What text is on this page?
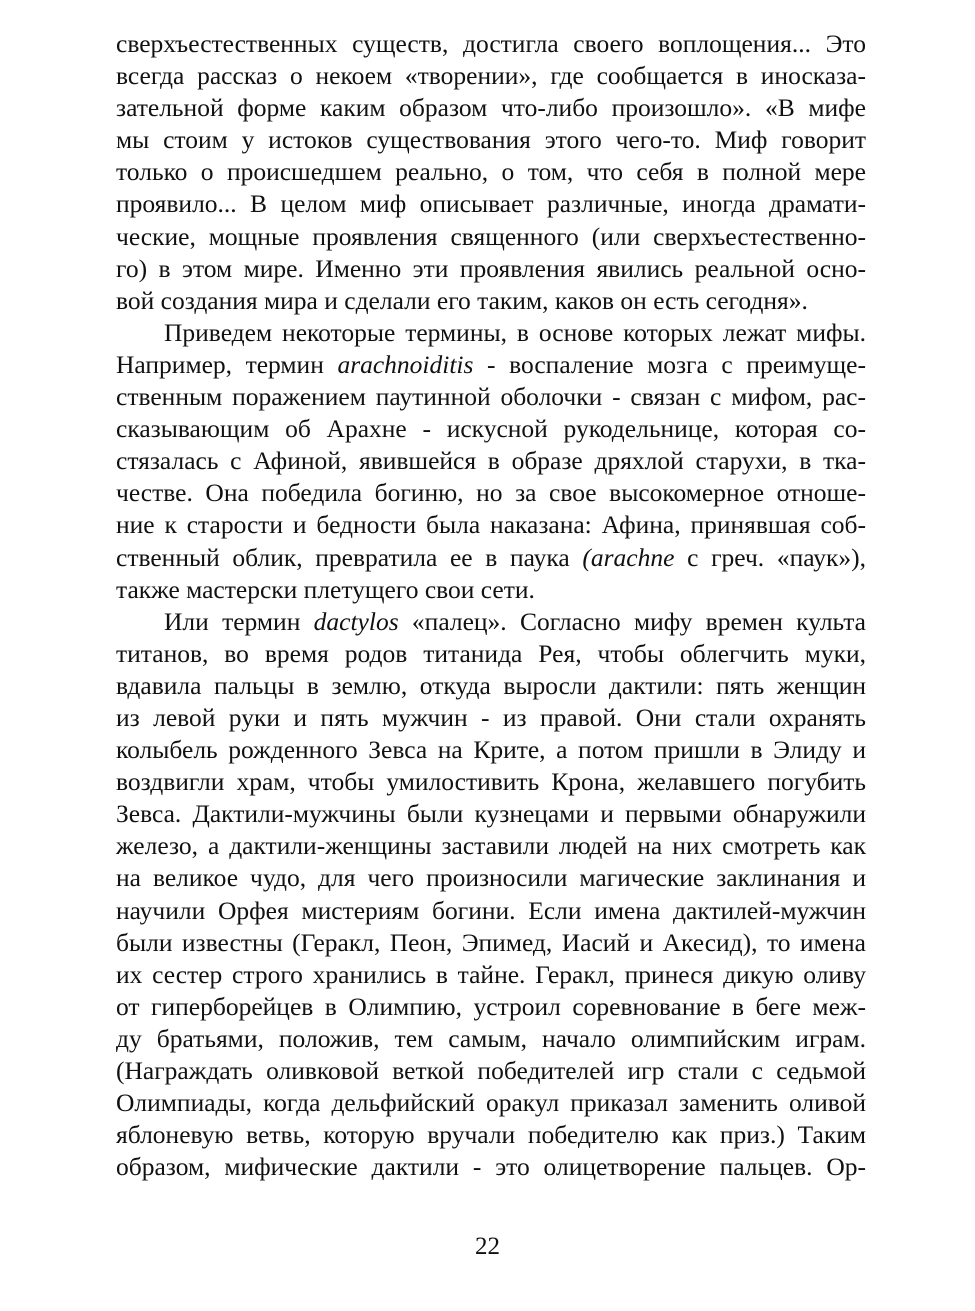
сверхъестественных существ, достигла своего воплощения... Это
всегда рассказ о некоем «творении», где сообщается в иносказа-
зательной форме каким образом что-либо произошло». «В мифе
мы стоим у истоков существования этого чего-то. Миф говорит
только о происшедшем реально, о том, что себя в полной мере
проявило... В целом миф описывает различные, иногда драмати-
ческие, мощные проявления священного (или сверхъестественно-
го) в этом мире. Именно эти проявления явились реальной осно-
вой создания мира и сделали его таким, каков он есть сегодня».
Приведем некоторые термины, в основе которых лежат мифы.
Например, термин arachnoiditis - воспаление мозга с преимуще-
ственным поражением паутинной оболочки - связан с мифом, рас-
сказывающим об Арахне - искусной рукодельнице, которая со-
стязалась с Афиной, явившейся в образе дряхлой старухи, в тка-
честве. Она победила богиню, но за свое высокомерное отноше-
ние к старости и бедности была наказана: Афина, принявшая соб-
ственный облик, превратила ее в паука (arachne с греч. «паук»),
также мастерски плетущего свои сети.
Или термин dactylos «палец». Согласно мифу времен культа
титанов, во время родов титанида Рея, чтобы облегчить муки,
вдавила пальцы в землю, откуда выросли дактили: пять женщин
из левой руки и пять мужчин - из правой. Они стали охранять
колыбель рожденного Зевса на Крите, а потом пришли в Элиду и
воздвигли храм, чтобы умилостивить Крона, желавшего погубить
Зевса. Дактили-мужчины были кузнецами и первыми обнаружили
железо, а дактили-женщины заставили людей на них смотреть как
на великое чудо, для чего произносили магические заклинания и
научили Орфея мистериям богини. Если имена дактилей-мужчин
были известны (Геракл, Пеон, Эпимед, Иасий и Акесид), то имена
их сестер строго хранились в тайне. Геракл, принеся дикую оливу
от гиперборейцев в Олимпию, устроил соревнование в беге меж-
ду братьями, положив, тем самым, начало олимпийским играм.
(Награждать оливковой веткой победителей игр стали с седьмой
Олимпиады, когда дельфийский оракул приказал заменить оливой
яблоневую ветвь, которую вручали победителю как приз.) Таким
образом, мифические дактили - это олицетворение пальцев. Ор-
22
